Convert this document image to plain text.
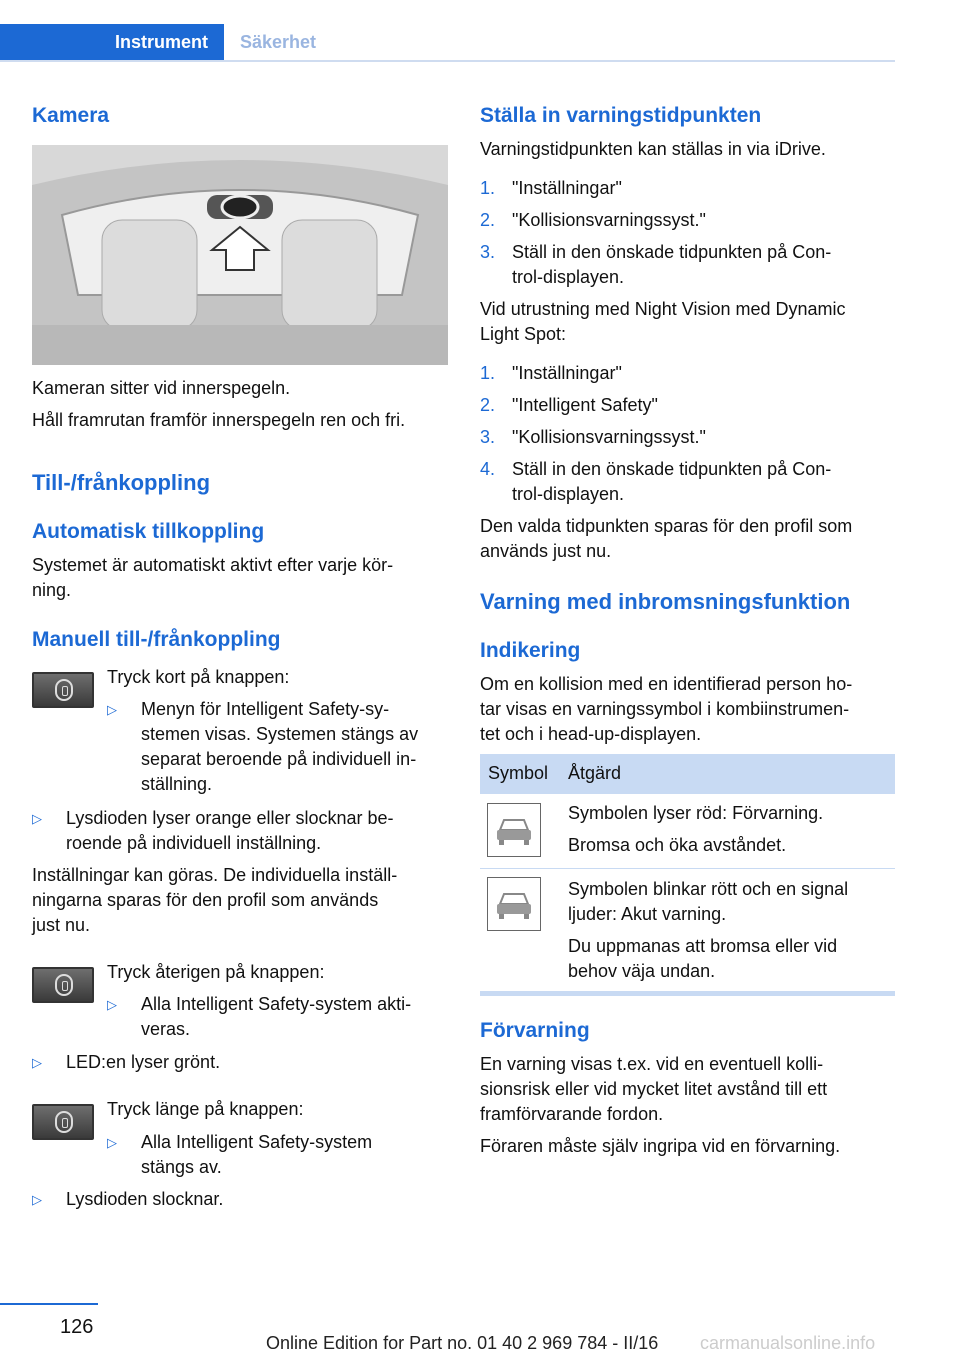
Instrument	Säkerhet
Kamera

Kameran sitter vid innerspegeln.

Håll framrutan framför innerspegeln ren och fri.

Till-/frånkoppling
Automatisk tillkoppling

Systemet är automatiskt aktivt efter varje kör-

ning.

Manuell till-/frånkoppling

Tryck kort på knappen:

▷ Menyn för Intelligent Safety-sy-

stemen visas. Systemen stängs av

separat beroende på individuell in-

ställning.

▷ Lysdioden lyser orange eller slocknar be-

roende på individuell inställning.

Inställningar kan göras. De individuella inställ-

ningarna sparas för den profil som används

just nu.

Tryck återigen på knappen:

▷ Alla Intelligent Safety-system akti-

veras.

▷ LED:en lyser grönt.

Tryck länge på knappen:

▷ Alla Intelligent Safety-system

stängs av.

▷ Lysdioden slocknar.

Ställa in varningstidpunkten

Varningstidpunkten kan ställas in via iDrive.

1. "Inställningar"
2. "Kollisionsvarningssyst."
3. Ställ in den önskade tidpunkten på Con-

trol-displayen.

Vid utrustning med Night Vision med Dynamic

Light Spot:

1. "Inställningar"
2. "Intelligent Safety"
3. "Kollisionsvarningssyst."
4. Ställ in den önskade tidpunkten på Con-

trol-displayen.

Den valda tidpunkten sparas för den profil som

används just nu.

Varning med inbromsningsfunktion
Indikering

Om en kollision med en identifierad person ho-

tar visas en varningssymbol i kombiinstrumen-

tet och i head-up-displayen.

Symbol Åtgärd

Symbolen lyser röd: Förvarning.

Bromsa och öka avståndet.

Symbolen blinkar rött och en signal

ljuder: Akut varning.

Du uppmanas att bromsa eller vid

behov väja undan.

Förvarning

En varning visas t.ex. vid en eventuell kolli-

sionsrisk eller vid mycket litet avstånd till ett

framförvarande fordon.

Föraren måste själv ingripa vid en förvarning.

126
Online Edition for Part no. 01 40 2 969 784 - II/16 carmanualsonline.info
